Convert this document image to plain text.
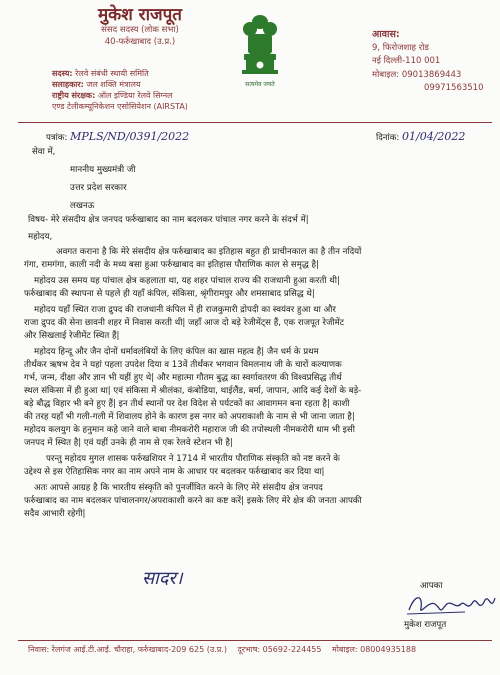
मुकेश राजपूत
संसद सदस्य (लोक सभा)
40-फर्रुखाबाद (उ.प्र.)
सदस्य: रेलवे संबंधी स्थायी समिति
सलाहकार: जल शक्ति मंत्रालय
राष्ट्रीय संरक्षक: ऑल इण्डिया रेलवे सिग्नल
एण्ड टेलीकम्यूनिकेशन एसोसियेशन (AIRSTA)
सत्यमेव जयते
आवास:
9, फिरोजशाह रोड
नई दिल्ली-110 001
मोबाइल: 09013869443
09971563510
पत्रांक: MPLS/ND/0391/2022	दिनांक: 01/04/2022
सेवा में,
माननीय मुख्यमंत्री जी
उत्तर प्रदेश सरकार
लखनऊ
विषय- मेरे संसदीय क्षेत्र जनपद फर्रुखाबाद का नाम बदलकर पांचाल नगर करने के संदर्भ में|
महोदय,

अवगत कराना है कि मेरे संसदीय क्षेत्र फर्रुखाबाद का इतिहास बहुत ही प्राचीनकाल का है तीन नदियों
गंगा, रामगंगा, काली नदी के मध्य बसा हुआ फर्रुखाबाद का इतिहास पौराणिक काल से समृद्ध है|

महोदय उस समय यह पांचाल क्षेत्र कहलाता था, यह शहर पांचाल राज्य की राजधानी हुआ करती थी|
फर्रुखाबाद की स्थापना से पहले ही यहाँ कंपिल, संकिसा, श्रृंगीरामपुर और शमसाबाद प्रसिद्ध थे|

महोदय यहाँ स्थित राजा द्रुपद की राजधानी कंपिल में ही राजकुमारी द्रोपदी का स्वयंवर हुआ था और
राजा द्रुपद की सेना छावनी शहर में निवास करती थी| जहाँ आज दो बड़े रेजीमेंट्स हैं, एक राजपूत रेजीमेंट
और सिखलाई रेजीमेंट स्थित हैं|

महोदय हिन्दू और जैन दोनों धर्मावलंबियों के लिए कंपिल का खास महत्व है| जैन धर्म के प्रथम
तीर्थंकर ऋषभ देव ने यहां पहला उपदेश दिया व 13वें तीर्थंकर भगवान विमलनाथ जी के चारों कल्याणक
गर्भ, जन्म, दीक्षा और ज्ञान भी यहीं हुए थे| और महात्मा गौतम बुद्ध का स्वर्गावतरण की विश्वप्रसिद्ध तीर्थ
स्थल संकिसा में ही हुआ था| एवं संकिसा में श्रीलंका, कंबोडिया, थाईलैंड, बर्मा, जापान, आदि कई देशों के बड़े-
बड़े बौद्ध विहार भी बने हुए हैं| इन तीर्थ स्थानों पर देश विदेश से पर्यटकों का आवागमन बना रहता है| काशी
की तरह यहाँ भी गली-गली में शिवालय होने के कारण इस नगर को अपराकाशी के नाम से भी जाना जाता है|
महोदय कलयुग के हनुमान कहे जाने वाले बाबा नीमकरोरी महाराज जी की तपोस्थली नीमकरोरी धाम भी इसी
जनपद में स्थित है| एवं यहीं उनके ही नाम से एक रेलवे स्टेशन भी है|

परन्तु महोदय मुगल शासक फर्रुखशियर ने 1714 में भारतीय पौराणिक संस्कृति को नष्ट करने के
उद्देश्य से इस ऐतिहासिक नगर का नाम अपने नाम के आधार पर बदलकर फर्रुखाबाद कर दिया था|

अतः आपसे आग्रह है कि भारतीय संस्कृति को पुनर्जीवित करने के लिए मेरे संसदीय क्षेत्र जनपद
फर्रुखाबाद का नाम बदलकर पांचालनगर/अपराकाशी करने का कष्ट करें| इसके लिए मेरे क्षेत्र की जनता आपकी
सदैव आभारी रहेगी|

सादर।	आपका
मुकेश राजपूत
निवास: रेलगंज आई.टी.आई. चौराहा, फर्रुखाबाद-209 625 (उ.प्र.) दूरभाष: 05692-224455 मोबाइल: 08004935188
